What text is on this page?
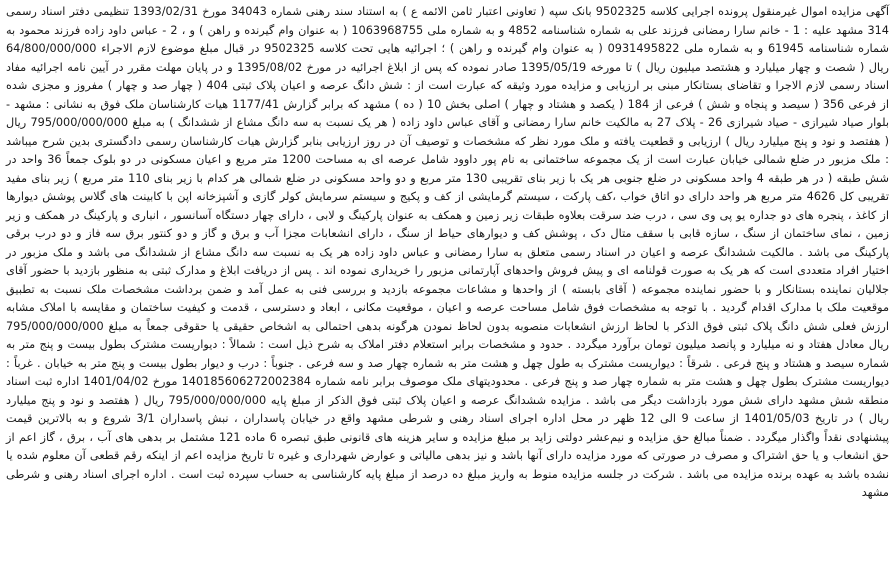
آگهی مزایده اموال غیرمنقول پرونده اجرایی کلاسه 9502325 بانک سپه ( تعاونی اعتبار ثامن الائمه ع ) به استناد سند رهنی شماره 34043 مورخ 1393/02/31 تنظیمی دفتر اسناد رسمی 314 مشهد علیه : 1 - خانم سارا رمضانی فرزند علی به شماره شناسنامه 4852 و به شماره ملی 1063968755 ( به عنوان وام گیرنده و راهن ) و ، 2 - عباس داود زاده فرزند محمود به شماره شناسنامه 61945 و به شماره ملی 0931495822 ( به عنوان وام گیرنده و راهن ) ؛ اجرائیه هایی تحت کلاسه 9502325 در قبال مبلغ موضوع لازم الاجراء 64/800/000/000 ریال ( شصت و چهار میلیارد و هشتصد میلیون ریال ) تا مورخه 1395/05/19 صادر نموده که پس از ابلاغ اجرائیه در مورخ 1395/08/02 و در پایان مهلت مقرر در آیین نامه اجرائیه مفاد اسناد رسمی لازم الاجرا و تقاضای بستانکار مبنی بر ارزیابی و مزایده مورد وثیقه که عبارت است از : شش دانگ عرصه و اعیان پلاک ثبتی 404 ( چهار صد و چهار ) مفروز و مجزی شده از فرعی 356 ( سیصد و پنجاه و شش ) فرعی از 184 ( یکصد و هشتاد و چهار ) اصلی بخش 10 ( ده ) مشهد که برابر گزارش 1177/41 هیات کارشناسان ملک فوق به نشانی : مشهد - بلوار صیاد شیرازی - صیاد شیرازی 26 - پلاک 27 به مالکیت خانم سارا رمضانی و آقای عباس داود زاده ( هر یک نسبت به سه دانگ مشاع از ششدانگ ) به مبلغ 795/000/000/000 ریال ( هفتصد و نود و پنج میلیارد ریال ) ارزیابی و قطعیت یافته و ملک مورد نظر که مشخصات و توصیف آن در روز ارزیابی بنابر گزارش هیات کارشناسان رسمی دادگستری بدین شرح میباشد : ملک مزبور در ضلع شمالی خیابان عبارت است از یک مجموعه ساختمانی به نام پور داوود شامل عرصه ای به مساحت 1200 متر مربع و اعیان مسکونی در دو بلوک جمعاً 36 واحد در شش طبقه ( در هر طبقه 4 واحد مسکونی در ضلع جنوبی هر یک با زیر بنای تقریبی 130 متر مربع و دو واحد مسکونی در ضلع شمالی هر کدام با زیر بنای 110 متر مربع ) زیر بنای مفید تقریبی کل 4626 متر مربع هر واحد دارای دو اتاق خواب ،کف پارکت ، سیستم گرمایشی از کف و پکیج و سیستم سرمایش کولر گازی و آشپزخانه اپن با کابینت های گلاس پوشش دیوارها از کاغذ ، پنجره های دو جداره یو پی وی سی ، درب ضد سرقت بعلاوه طبقات زیر زمین و همکف به عنوان پارکینگ و لابی ، دارای چهار دستگاه آسانسور ، انباری و پارکینگ در همکف و زیر زمین ، نمای ساختمان از سنگ ، سازه قابی با سقف متال دک ، پوشش کف و دیوارهای حیاط از سنگ ، دارای انشعابات مجزا آب و برق و گاز و دو کنتور برق سه فاز و دو درب برقی پارکینگ می باشد . مالکیت ششدانگ عرصه و اعیان در اسناد رسمی متعلق به سارا رمضانی و عباس داود زاده هر یک به نسبت سه دانگ مشاع از ششدانگ می باشد و ملک مزبور در اختیار افراد متعددی است که هر یک به صورت قولنامه ای و پیش فروش واحدهای آپارتمانی مزبور را خریداری نموده اند . پس از دریافت ابلاغ و مدارک ثبتی به منظور بازدید با حضور آقای جلالیان نماینده بستانکار و با حضور نماینده مجموعه ( آقای بابسته ) از واحدها و مشاعات مجموعه بازدید و بررسی فنی به عمل آمد و ضمن برداشت مشخصات ملک نسبت به تطبیق موقعیت ملک با مدارک اقدام گردید . با توجه به مشخصات فوق شامل مساحت عرصه و اعیان ، موقعیت مکانی ، ابعاد و دسترسی ، قدمت و کیفیت ساختمان و مقایسه با املاک مشابه ارزش فعلی شش دانگ پلاک ثبتی فوق الذکر با لحاظ ارزش انشعابات منصوبه بدون لحاظ نمودن هرگونه بدهی احتمالی به اشخاص حقیقی یا حقوقی جمعاً به مبلغ 795/000/000/000 ریال معادل هفتاد و نه میلیارد و پانصد میلیون تومان برآورد میگردد . حدود و مشخصات برابر استعلام دفتر املاک به شرح ذیل است : شمالاً : دیواریست مشترک بطول بیست و پنج متر به شماره سیصد و هشتاد و پنج فرعی . شرقاً : دیواریست مشترک به طول چهل و هشت متر به شماره چهار صد و سه فرعی . جنوباً : درب و دیوار بطول بیست و پنج متر به خیابان . غرباً : دیواریست مشترک بطول چهل و هشت متر به شماره چهار صد و پنج فرعی . محدودیتهای ملک موصوف برابر نامه شماره 140185606272002384 مورخ 1401/04/02 اداره ثبت اسناد منطقه شش مشهد دارای شش مورد بازداشت دیگر می باشد . مزایده ششدانگ عرصه و اعیان پلاک ثبتی فوق الذکر از مبلغ پایه 795/000/000/000 ریال ( هفتصد و نود و پنج میلیارد ریال ) در تاریخ 1401/05/03 از ساعت 9 الی 12 ظهر در محل اداره اجرای اسناد رهنی و شرطی مشهد واقع در خیابان پاسداران ، نبش پاسداران 3/1 شروع و به بالاترین قیمت پیشنهادی نقداً واگذار میگردد . ضمناً مبالغ حق مزایده و نیم‌عشر دولتی زاید بر مبلغ مزایده و سایر هزینه های قانونی طبق تبصره 6 ماده 121 مشتمل بر بدهی های آب ، برق ، گاز اعم از حق انشعاب و یا حق اشتراک و مصرف در صورتی که مورد مزایده دارای آنها باشد و نیز بدهی مالیاتی و عوارض شهرداری و غیره تا تاریخ مزایده اعم از اینکه رقم قطعی آن معلوم شده یا نشده باشد به عهده برنده مزایده می باشد . شرکت در جلسه مزایده منوط به واریز مبلغ ده درصد از مبلغ پایه کارشناسی به حساب سپرده ثبت است . اداره اجرای اسناد رهنی و شرطی مشهد
